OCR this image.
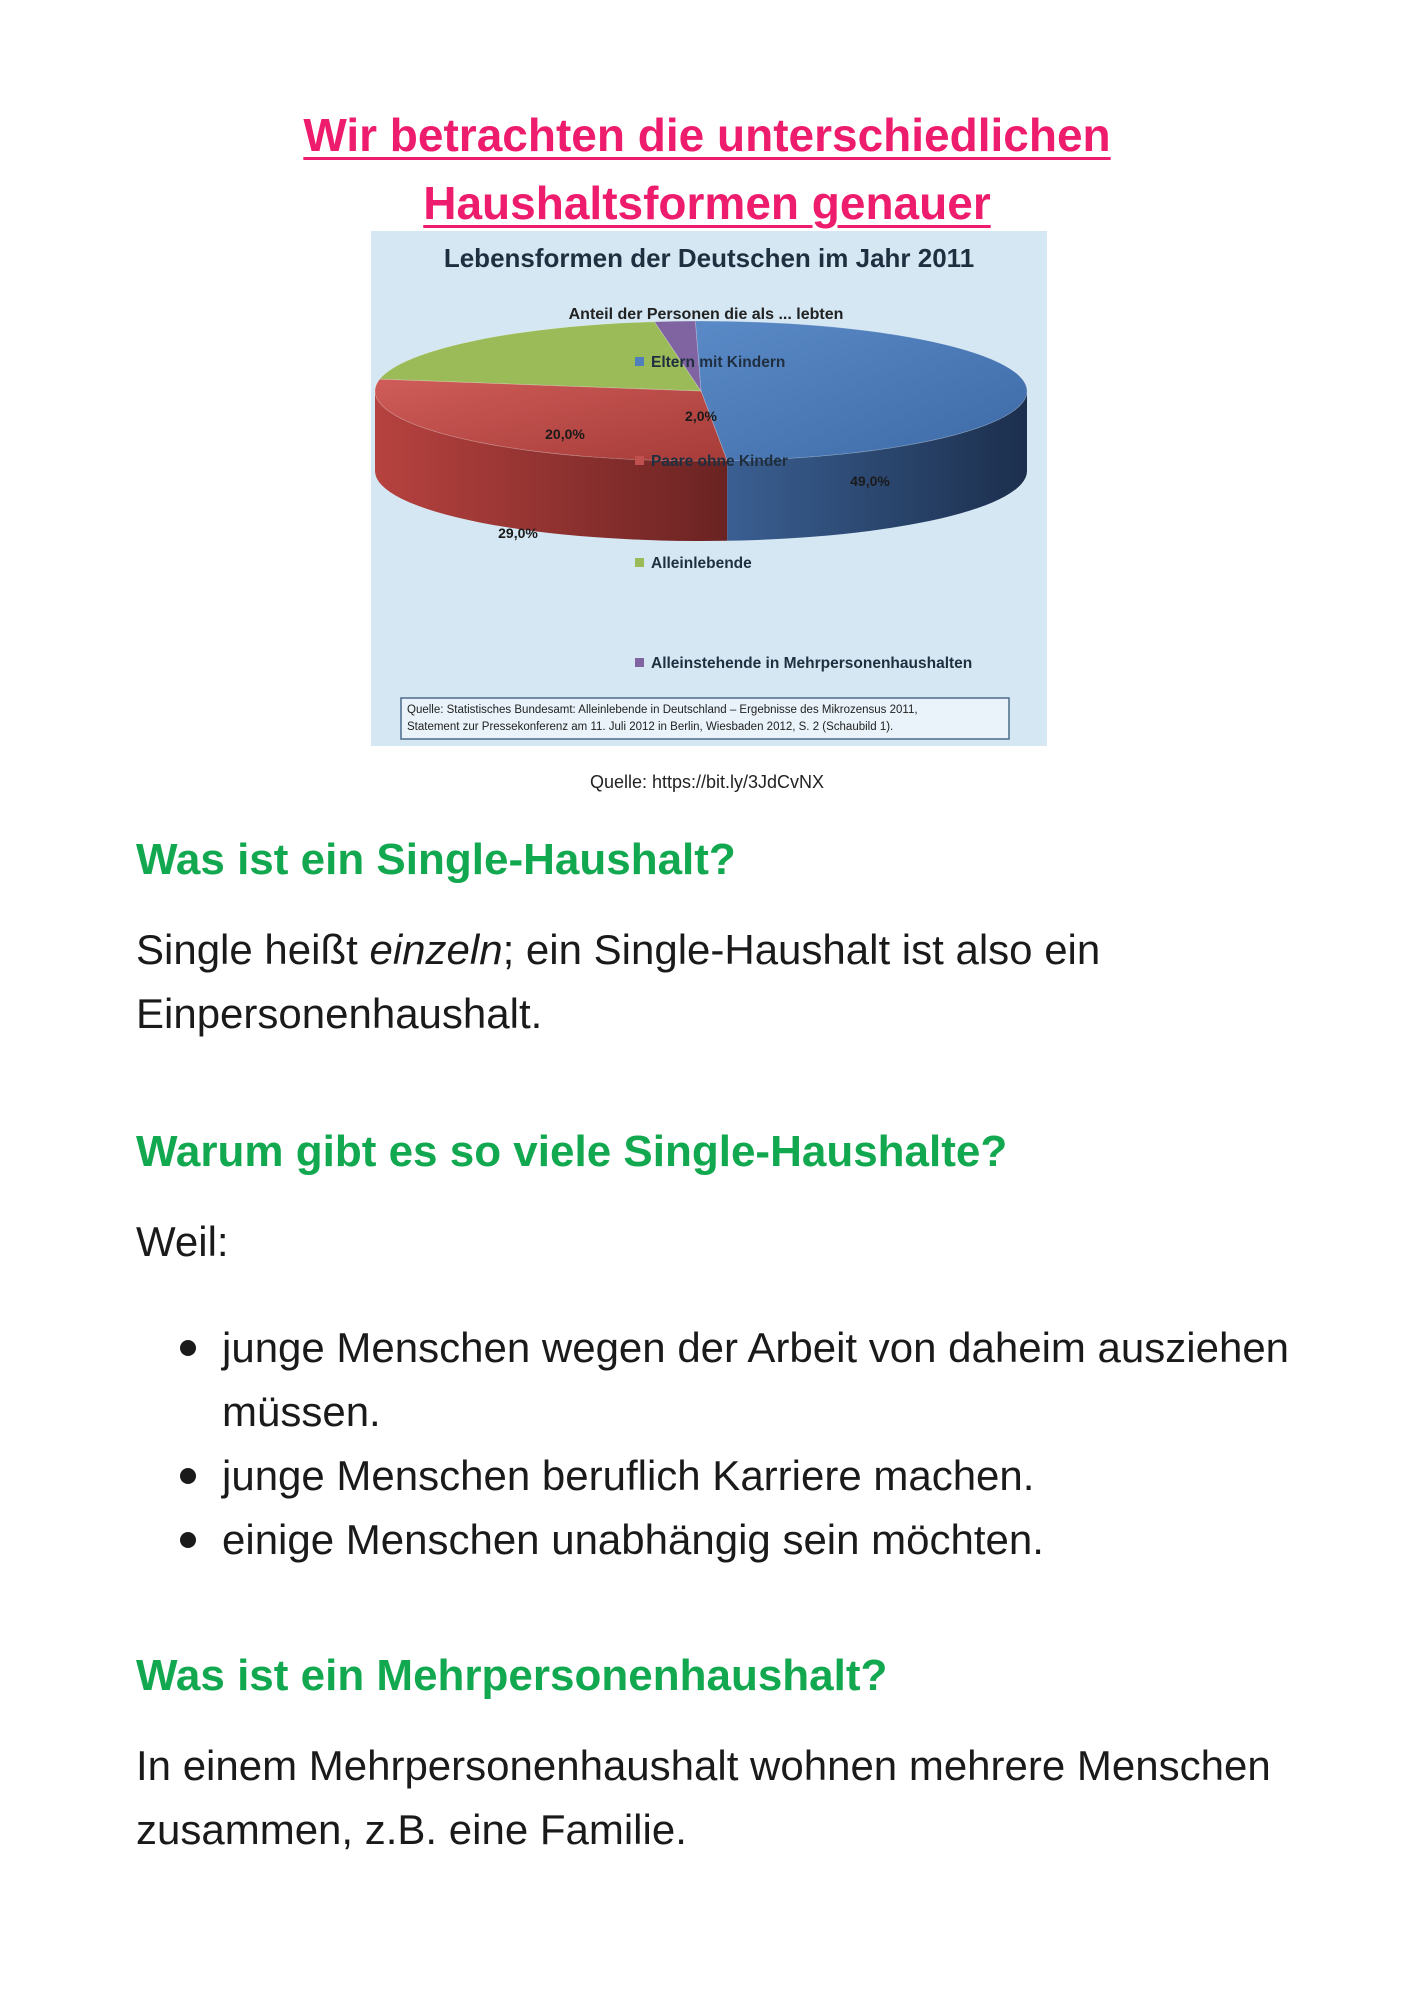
Wir betrachten die unterschiedlichen
Haushaltsformen genauer
Lebensformen der Deutschen im Jahr 2011
Anteil der Personen die als ... lebten
Eltern mit Kindern
Paare ohne Kinder
Alleinlebende
Alleinstehende in Mehrpersonenhaushalten
49,0%
29,0%
20,0%
2,0%
Quelle: Statistisches Bundesamt: Alleinlebende in Deutschland – Ergebnisse des Mikrozensus 2011,
Statement zur Pressekonferenz am 11. Juli 2012 in Berlin, Wiesbaden 2012, S. 2 (Schaubild 1).
Quelle: https://bit.ly/3JdCvNX
Was ist ein Single-Haushalt?

Single heißt einzeln; ein Single-Haushalt ist also ein Einpersonenhaushalt.

Warum gibt es so viele Single-Haushalte?

Weil:

junge Menschen wegen der Arbeit von daheim ausziehen müssen.
junge Menschen beruflich Karriere machen.
einige Menschen unabhängig sein möchten.
Was ist ein Mehrpersonenhaushalt?

In einem Mehrpersonenhaushalt wohnen mehrere Menschen zusammen, z.B. eine Familie.
